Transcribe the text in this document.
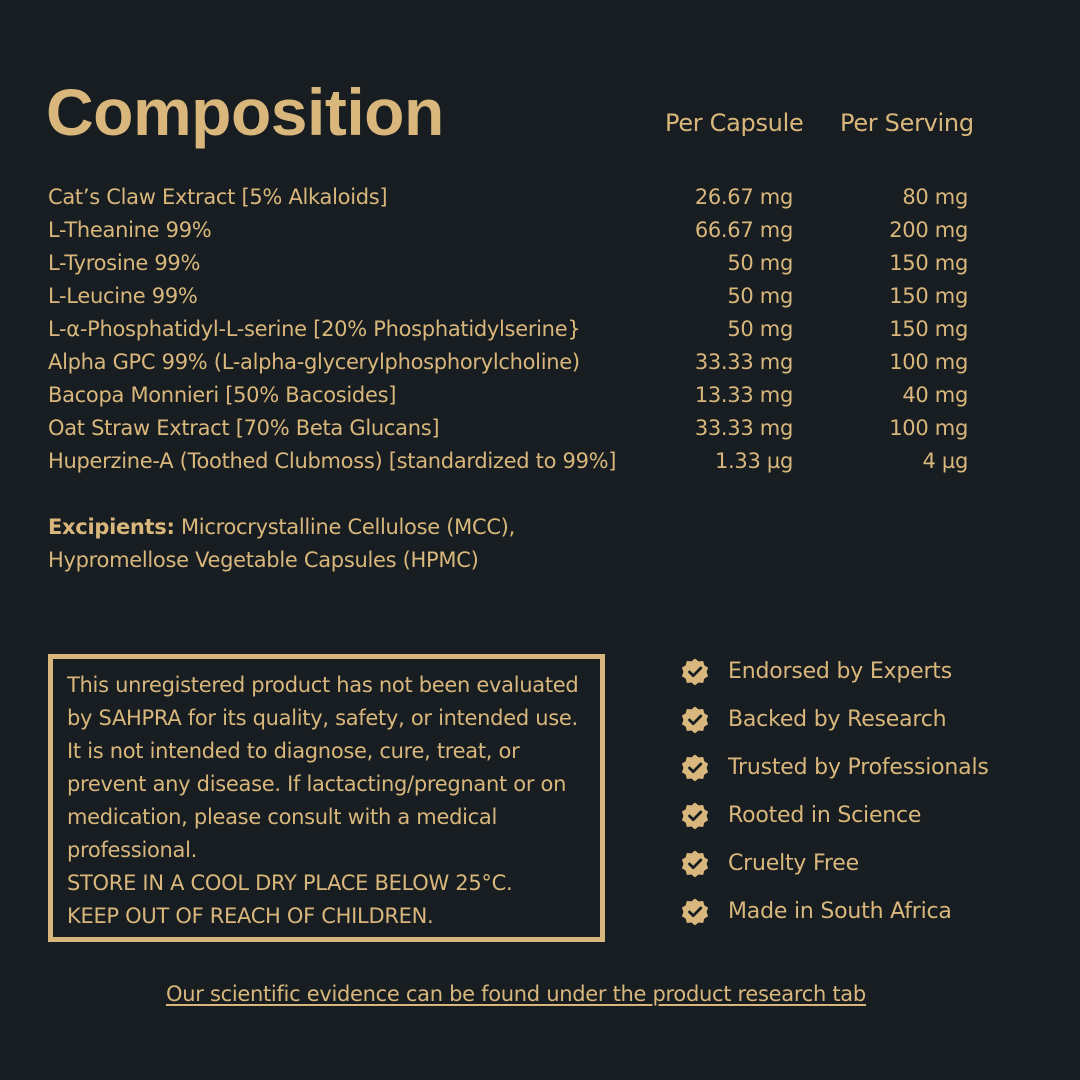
Composition	Per Capsule Per Serving
Cat’s Claw Extract [5% Alkaloids]	26.67 mg	80 mg
L-Theanine 99%	66.67 mg	200 mg
L-Tyrosine 99%	50 mg	150 mg
L-Leucine 99%	50 mg	150 mg
L-α-Phosphatidyl-L-serine [20% Phosphatidylserine}	50 mg	150 mg
Alpha GPC 99% (L-alpha-glycerylphosphorylcholine)	33.33 mg	100 mg
Bacopa Monnieri [50% Bacosides]	13.33 mg	40 mg
Oat Straw Extract [70% Beta Glucans]	33.33 mg	100 mg
Huperzine-A (Toothed Clubmoss) [standardized to 99%]	1.33 µg	4 µg
Excipients: Microcrystalline Cellulose (MCC),
Hypromellose Vegetable Capsules (HPMC)
This unregistered product has not been evaluated
by SAHPRA for its quality, safety, or intended use.
It is not intended to diagnose, cure, treat, or
prevent any disease. If lactacting/pregnant or on
medication, please consult with a medical
professional.
STORE IN A COOL DRY PLACE BELOW 25°C.
KEEP OUT OF REACH OF CHILDREN.
Endorsed by Experts
Backed by Research
Trusted by Professionals
Rooted in Science
Cruelty Free
Made in South Africa
Our scientific evidence can be found under the product research tab
